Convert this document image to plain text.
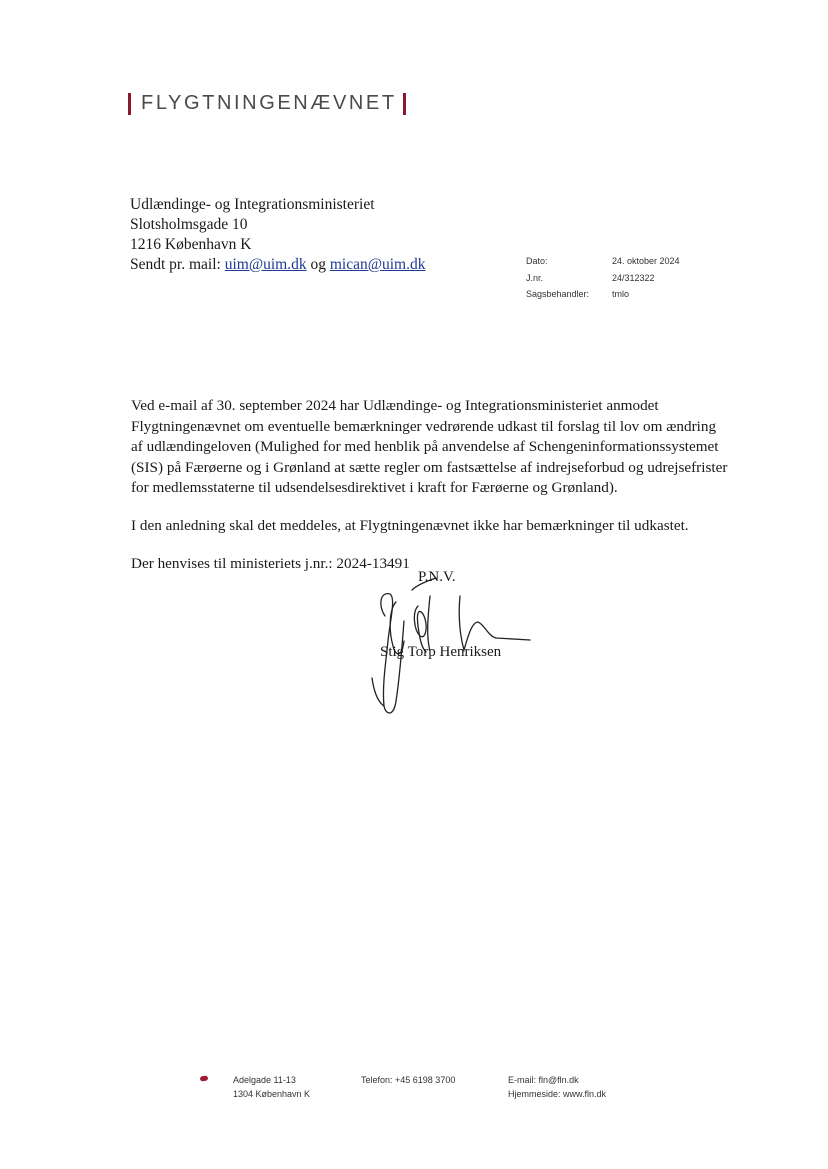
FLYGTNINGENÆVNET
Udlændinge- og Integrationsministeriet
Slotsholmsgade 10
1216 København K
Sendt pr. mail: uim@uim.dk og mican@uim.dk	Dato:	24. oktober 2024
J.nr.	24/312322
Sagsbehandler:	tmlo

Ved e-mail af 30. september 2024 har Udlændinge- og Integrationsministeriet anmodet Flygtningenævnet om eventuelle bemærkninger vedrørende udkast til forslag til lov om ændring af udlændingeloven (Mulighed for med henblik på anvendelse af Schengeninformationssystemet (SIS) på Færøerne og i Grønland at sætte regler om fastsættelse af indrejseforbud og udrejsefrister for medlemsstaterne til udsendelsesdirektivet i kraft for Færøerne og Grønland).

I den anledning skal det meddeles, at Flygtningenævnet ikke har bemærkninger til udkastet.

Der henvises til ministeriets j.nr.: 2024-13491

P.N.V.
Stig Torp Henriksen
Adelgade 11-13
1304 København K
Telefon: +45 6198 3700	E-mail: fln@fln.dk
Hjemmeside: www.fln.dk
